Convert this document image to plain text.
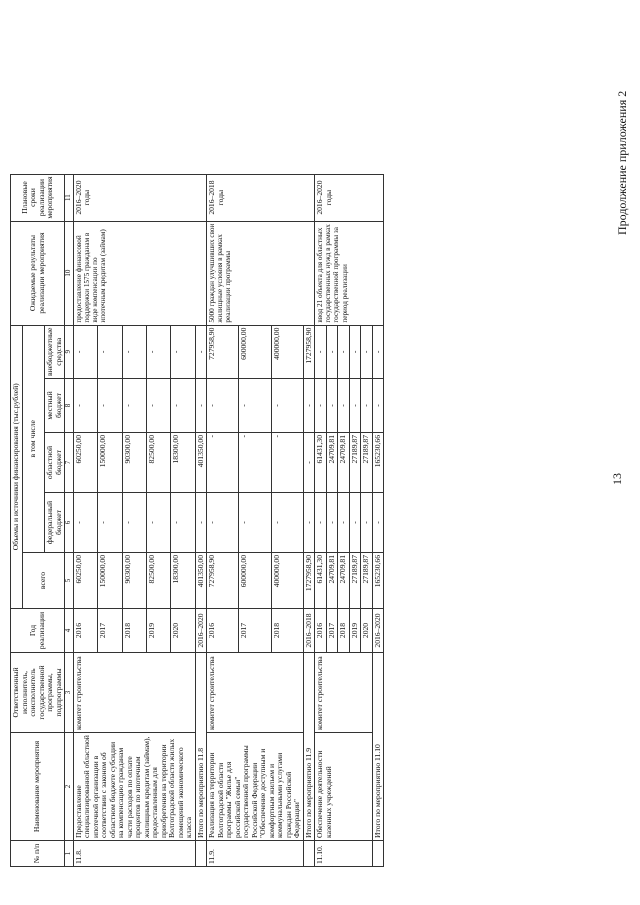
13
Продолжение приложения 2
№ п/п	Наименование мероприятия	Ответственный исполнитель, соисполнитель государственной программы, подпрограммы	Год реализации	Объемы и источники финансирования (тыс.рублей)					Ожидаемые результаты реализации мероприятия	Плановые сроки реализации мероприятия
				всего	в том числе					
					федеральный бюджет	областной бюджет	местный бюджет	внебюджетные средства		
1	2	3	4	5	6	7	8	9	10	11
11.8.	Предоставление специализированной областной ипотечной организации в соответствии с законом об областном бюджете субсидии на компенсацию гражданам части расходов по оплате процентов по ипотечным жилищным кредитам (займам), предоставленным для приобретения на территории Волгоградской области жилых помещений экономического класса	комитет строительства	2016	60250,00	-	60250,00	-	-	предоставление финансовой поддержки 1575 гражданам в виде компенсации по ипотечным кредитам (займам)	2016–2020 годы
			2017	150000,00	-	150000,00	-	-		
			2018	90300,00	-	90300,00	-	-		
			2019	82500,00	-	82500,00	-	-		
			2020	18300,00	-	18300,00	-	-		
	Итого по мероприятию 11.8		2016–2020	401350,00	-	401350,00	-	-		
11.9.	Реализация на территории Волгоградской области программы "Жилье для российской семьи" государственной программы Российской Федерации "Обеспечение доступным и комфортным жильем и коммунальными услугами граждан Российской Федерации"	комитет строительства	2016	727958,90	-	-	-	727958,90	5000 граждан улучшивших свои жилищные условия в рамках реализации программы	2016–2018 годы
			2017	600000,00	-	-	-	600000,00		
			2018	400000,00	-	-	-	400000,00		
	Итого по мероприятию 11.9		2016–2018	1727958,90	-	-	-	1727958,90		
11.10.	Обеспечение деятельности казенных учреждений	комитет строительства	2016	61431,30	-	61431,30	-	-	ввод 21 объекта для областных государственных нужд в рамках государственной программы за период реализации	2016–2020 годы
			2017	24709,81	-	24709,81	-	-		
			2018	24709,81	-	24709,81	-	-		
			2019	27189,87	-	27189,87	-	-		
			2020	27189,87	-	27189,87	-	-		
	Итого по мероприятию 11.10		2016–2020	165230,66	-	165230,66	-	-		
